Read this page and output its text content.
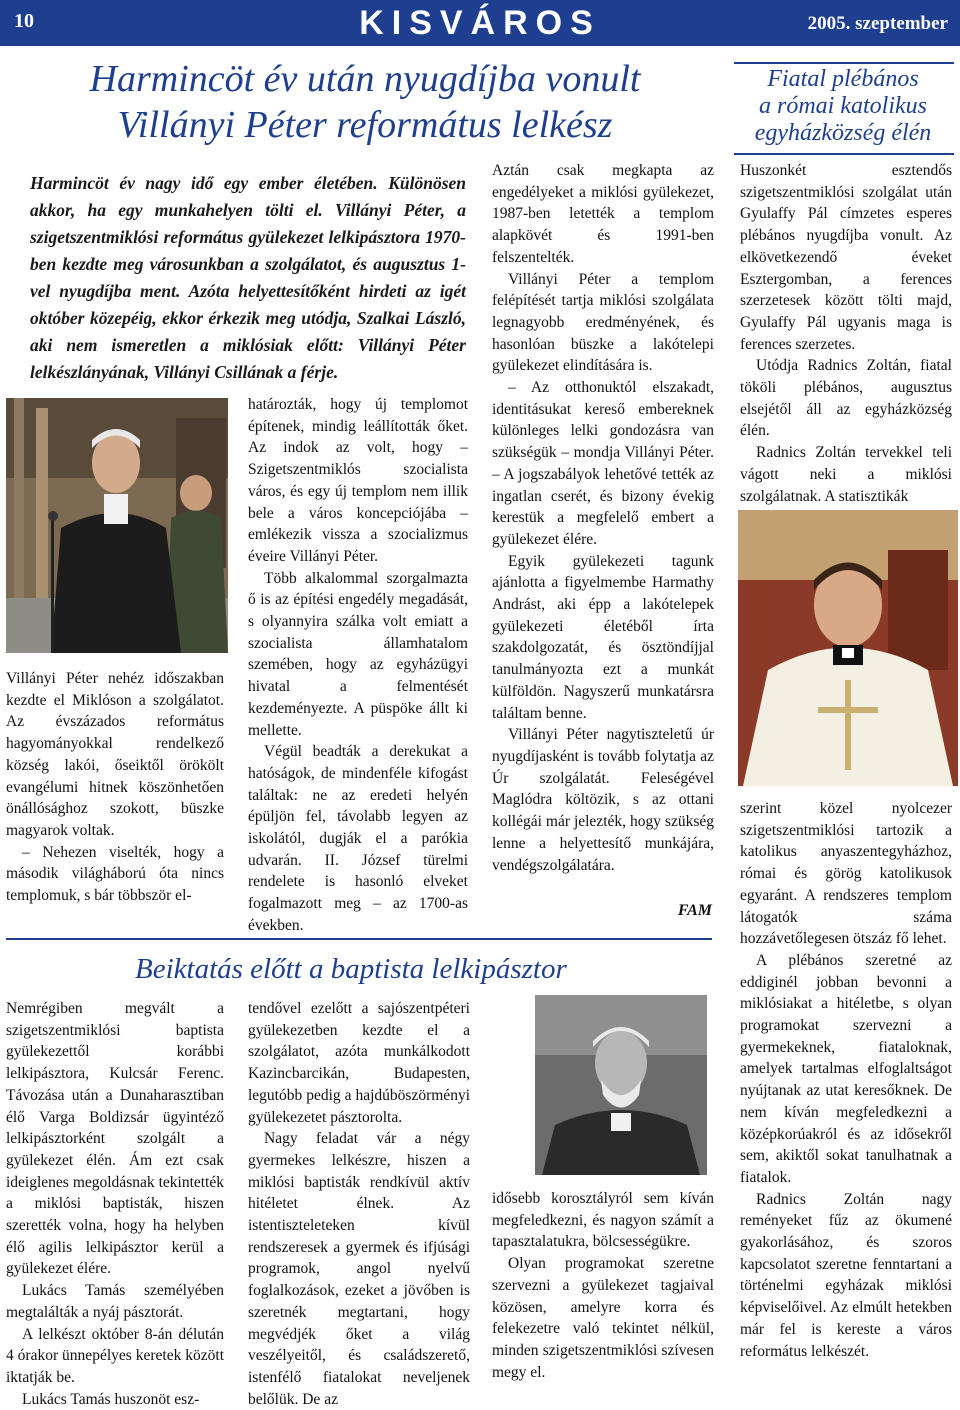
10	KISVÁROS	2005. szeptember
Harmincöt év után nyugdíjba vonult
Villányi Péter református lelkész
Fiatal plébános
a római katolikus
egyházközség élén
Harmincöt év nagy idő egy ember életében. Különösen akkor, ha egy munkahelyen tölti el. Villányi Péter, a szigetszentmiklósi református gyülekezet lelkipásztora 1970-ben kezdte meg városunkban a szolgálatot, és augusztus 1-vel nyugdíjba ment. Azóta helyettesítőként hirdeti az igét október közepéig, ekkor érkezik meg utódja, Szalkai László, aki nem ismeretlen a miklósiak előtt: Villányi Péter lelkészlányának, Villányi Csillának a férje.

Villányi Péter nehéz időszakban kezdte el Miklóson a szolgálatot. Az évszázados református hagyományokkal rendelkező község lakói, őseiktől örökölt evangélumi hitnek köszönhetően önállósághoz szokott, büszke magyarok voltak.

– Nehezen viselték, hogy a második világháború óta nincs templomuk, s bár többször el-

határozták, hogy új templomot építenek, mindig leállították őket. Az indok az volt, hogy – Szigetszentmiklós szocialista város, és egy új templom nem illik bele a város koncepciójába – emlékezik vissza a szocializmus éveire Villányi Péter.

Több alkalommal szorgalmazta ő is az építési engedély megadását, s olyannyira szálka volt emiatt a szocialista államhatalom szemében, hogy az egyházügyi hivatal a felmentését kezdeményezte. A püspöke állt ki mellette.

Végül beadták a derekukat a hatóságok, de mindenféle kifogást találtak: ne az eredeti helyén épüljön fel, távolabb legyen az iskolától, dugják el a parókia udvarán. II. József türelmi rendelete is hasonló elveket fogalmazott meg – az 1700-as években.

Aztán csak megkapta az engedélyeket a miklósi gyülekezet, 1987-ben letették a templom alapkövét és 1991-ben felszentelték.

Villányi Péter a templom felépítését tartja miklósi szolgálata legnagyobb eredményének, és hasonlóan büszke a lakótelepi gyülekezet elindítására is.

– Az otthonuktól elszakadt, identitásukat kereső embereknek különleges lelki gondozásra van szükségük – mondja Villányi Péter. – A jogszabályok lehetővé tették az ingatlan cserét, és bizony évekig kerestük a megfelelő embert a gyülekezet élére.

Egyik gyülekezeti tagunk ajánlotta a figyelmembe Harmathy Andrást, aki épp a lakótelepek gyülekezeti életéből írta szakdolgozatát, és ösztöndíjjal tanulmányozta ezt a munkát külföldön. Nagyszerű munkatársra találtam benne.

Villányi Péter nagytiszteletű úr nyugdíjasként is tovább folytatja az Úr szolgálatát. Feleségével Maglódra költözik, s az ottani kollégái már jelezték, hogy szükség lenne a helyettesítő munkájára, vendégszolgálatára.

FAM

Huszonkét esztendős szigetszentmiklósi szolgálat után Gyulaffy Pál címzetes esperes plébános nyugdíjba vonult. Az elkövetkezendő éveket Esztergomban, a ferences szerzetesek között tölti majd, Gyulaffy Pál ugyanis maga is ferences szerzetes.

Utódja Radnics Zoltán, fiatal tököli plébános, augusztus elsejétől áll az egyházközség élén.

Radnics Zoltán tervekkel teli vágott neki a miklósi szolgálatnak. A statisztikák

szerint közel nyolcezer szigetszentmiklósi tartozik a katolikus anyaszentegyházhoz, római és görög katolikusok egyaránt. A rendszeres templom látogatók száma hozzávetőlegesen ötszáz fő lehet.

A plébános szeretné az eddiginél jobban bevonni a miklósiakat a hitéletbe, s olyan programokat szervezni a gyermekeknek, fiataloknak, amelyek tartalmas elfoglaltságot nyújtanak az utat keresőknek. De nem kíván megfeledkezni a középkorúakról és az idősekről sem, akiktől sokat tanulhatnak a fiatalok.

Radnics Zoltán nagy reményeket fűz az ökumené gyakorlásához, és szoros kapcsolatot szeretne fenntartani a történelmi egyházak miklósi képviselőivel. Az elmúlt hetekben már fel is kereste a város református lelkészét.

Beiktatás előtt a baptista lelkipásztor

Nemrégiben megvált a szigetszentmiklósi baptista gyülekezettől korábbi lelkipásztora, Kulcsár Ferenc. Távozása után a Dunaharasztiban élő Varga Boldizsár ügyintéző lelkipásztorként szolgált a gyülekezet élén. Ám ezt csak ideiglenes megoldásnak tekintették a miklósi baptisták, hiszen szerették volna, hogy ha helyben élő agilis lelkipásztor kerül a gyülekezet élére.

Lukács Tamás személyében megtalálták a nyáj pásztorát.

A lelkészt október 8-án délután 4 órakor ünnepélyes keretek között iktatják be.

Lukács Tamás huszonöt esz-

tendővel ezelőtt a sajószentpéteri gyülekezetben kezdte el a szolgálatot, azóta munkálkodott Kazincbarcikán, Budapesten, legutóbb pedig a hajdúböszörményi gyülekezetet pásztorolta.

Nagy feladat vár a négy gyermekes lelkészre, hiszen a miklósi baptisták rendkívül aktív hitéletet élnek. Az istentiszteleteken kívül rendszeresek a gyermek és ifjúsági programok, angol nyelvű foglalkozások, ezeket a jövőben is szeretnék megtartani, hogy megvédjék őket a világ veszélyeitől, és családszerető, istenfélő fiatalokat neveljenek belőlük. De az

idősebb korosztályról sem kíván megfeledkezni, és nagyon számít a tapasztalatukra, bölcsességükre.

Olyan programokat szeretne szervezni a gyülekezet tagjaival közösen, amelyre korra és felekezetre való tekintet nélkül, minden szigetszentmiklósi szívesen megy el.
